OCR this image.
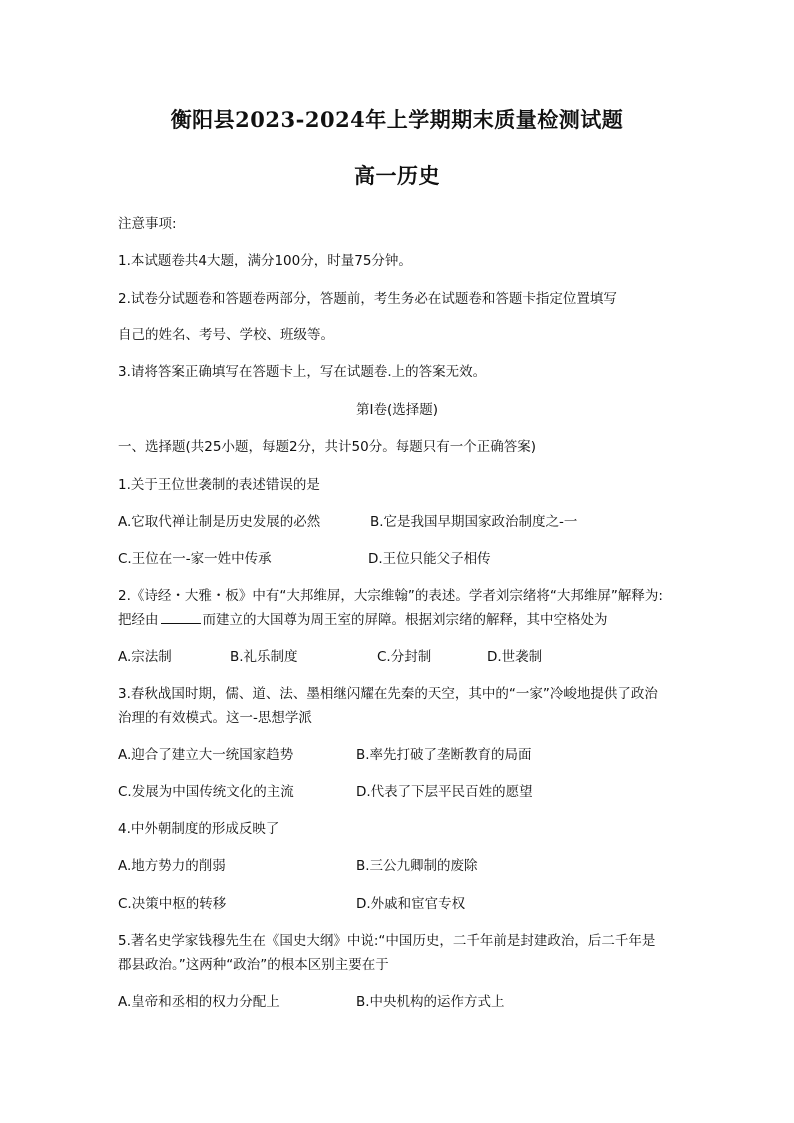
衡阳县2023-2024年上学期期末质量检测试题
高一历史
注意事项:
1.本试题卷共4大题，满分100分，时量75分钟。
2.试卷分试题卷和答题卷两部分，答题前，考生务必在试题卷和答题卡指定位置填写
自己的姓名、考号、学校、班级等。
3.请将答案正确填写在答题卡上，写在试题卷.上的答案无效。
第I卷(选择题)
一、选择题(共25小题，每题2分，共计50分。每题只有一个正确答案)
1.关于王位世袭制的表述错误的是
A.它取代禅让制是历史发展的必然	B.它是我国早期国家政治制度之-一
C.王位在一-家一姓中传承	D.王位只能父子相传
2.《诗经・大雅・板》中有“大邦维屏，大宗维翰”的表述。学者刘宗绪将“大邦维屏”解释为:
把经由	而建立的大国尊为周王室的屏障。根据刘宗绪的解释，其中空格处为
A.宗法制	B.礼乐制度	C.分封制	D.世袭制
3.春秋战国时期，儒、道、法、墨相继闪耀在先秦的天空，其中的“一家”冷峻地提供了政治
治理的有效模式。这一-思想学派
A.迎合了建立大一统国家趋势	B.率先打破了垄断教育的局面
C.发展为中国传统文化的主流	D.代表了下层平民百姓的愿望
4.中外朝制度的形成反映了
A.地方势力的削弱	B.三公九卿制的废除
C.决策中枢的转移	D.外戚和宦官专权
5.著名史学家钱穆先生在《国史大纲》中说:“中国历史，二千年前是封建政治，后二千年是
郡县政治。”这两种“政治”的根本区别主要在于
A.皇帝和丞相的权力分配上	B.中央机构的运作方式上
